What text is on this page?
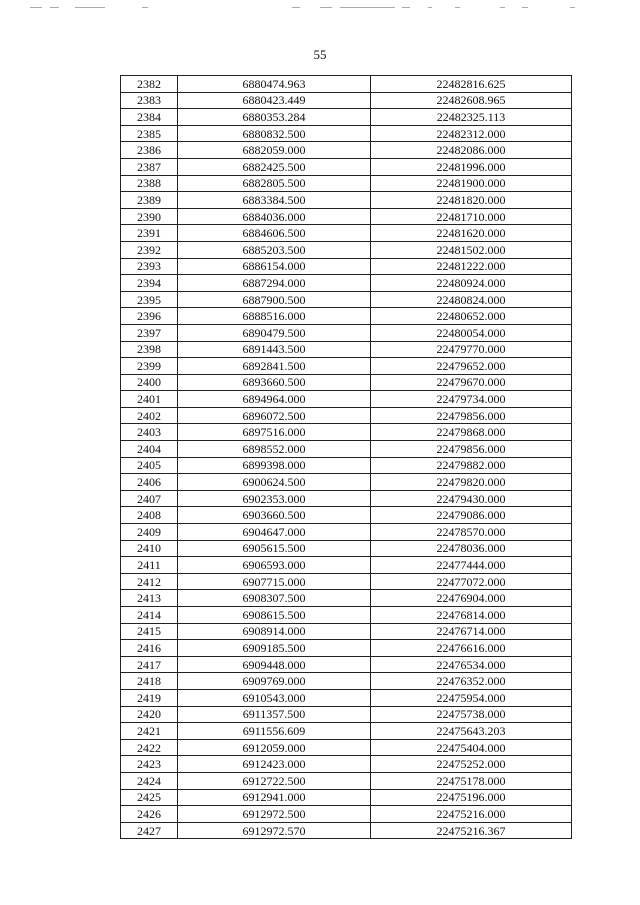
55
2382	6880474.963	22482816.625
2383	6880423.449	22482608.965
2384	6880353.284	22482325.113
2385	6880832.500	22482312.000
2386	6882059.000	22482086.000
2387	6882425.500	22481996.000
2388	6882805.500	22481900.000
2389	6883384.500	22481820.000
2390	6884036.000	22481710.000
2391	6884606.500	22481620.000
2392	6885203.500	22481502.000
2393	6886154.000	22481222.000
2394	6887294.000	22480924.000
2395	6887900.500	22480824.000
2396	6888516.000	22480652.000
2397	6890479.500	22480054.000
2398	6891443.500	22479770.000
2399	6892841.500	22479652.000
2400	6893660.500	22479670.000
2401	6894964.000	22479734.000
2402	6896072.500	22479856.000
2403	6897516.000	22479868.000
2404	6898552.000	22479856.000
2405	6899398.000	22479882.000
2406	6900624.500	22479820.000
2407	6902353.000	22479430.000
2408	6903660.500	22479086.000
2409	6904647.000	22478570.000
2410	6905615.500	22478036.000
2411	6906593.000	22477444.000
2412	6907715.000	22477072.000
2413	6908307.500	22476904.000
2414	6908615.500	22476814.000
2415	6908914.000	22476714.000
2416	6909185.500	22476616.000
2417	6909448.000	22476534.000
2418	6909769.000	22476352.000
2419	6910543.000	22475954.000
2420	6911357.500	22475738.000
2421	6911556.609	22475643.203
2422	6912059.000	22475404.000
2423	6912423.000	22475252.000
2424	6912722.500	22475178.000
2425	6912941.000	22475196.000
2426	6912972.500	22475216.000
2427	6912972.570	22475216.367
